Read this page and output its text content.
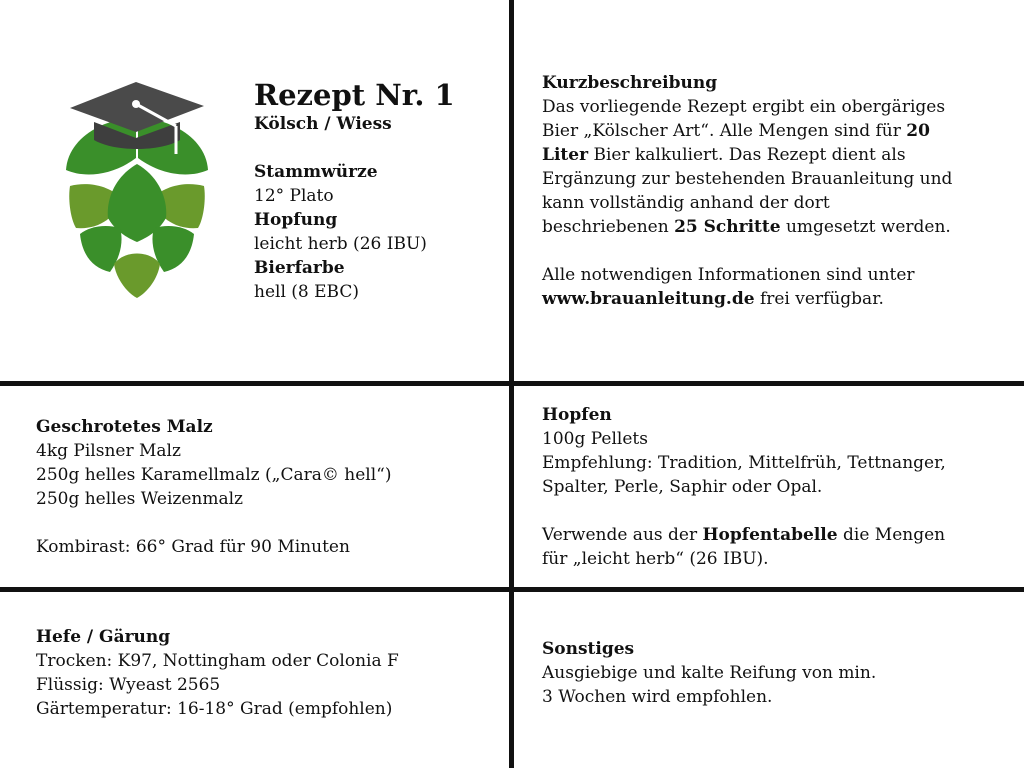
Rezept Nr. 1
Kölsch / Wiess
Stammwürze
12° Plato
Hopfung
leicht herb (26 IBU)
Bierfarbe
hell (8 EBC)
Kurzbeschreibung
Das vorliegende Rezept ergibt ein obergäriges
Bier „Kölscher Art“. Alle Mengen sind für 20
Liter Bier kalkuliert. Das Rezept dient als
Ergänzung zur bestehenden Brauanleitung und
kann vollständig anhand der dort
beschriebenen 25 Schritte umgesetzt werden.
Alle notwendigen Informationen sind unter
www.brauanleitung.de frei verfügbar.
Geschrotetes Malz
4kg Pilsner Malz
250g helles Karamellmalz („Cara© hell“)
250g helles Weizenmalz
Kombirast: 66° Grad für 90 Minuten
Hopfen
100g Pellets
Empfehlung: Tradition, Mittelfrüh, Tettnanger,
Spalter, Perle, Saphir oder Opal.
Verwende aus der Hopfentabelle die Mengen
für „leicht herb“ (26 IBU).
Hefe / Gärung
Trocken: K97, Nottingham oder Colonia F
Flüssig: Wyeast 2565
Gärtemperatur: 16-18° Grad (empfohlen)
Sonstiges
Ausgiebige und kalte Reifung von min.
3 Wochen wird empfohlen.
